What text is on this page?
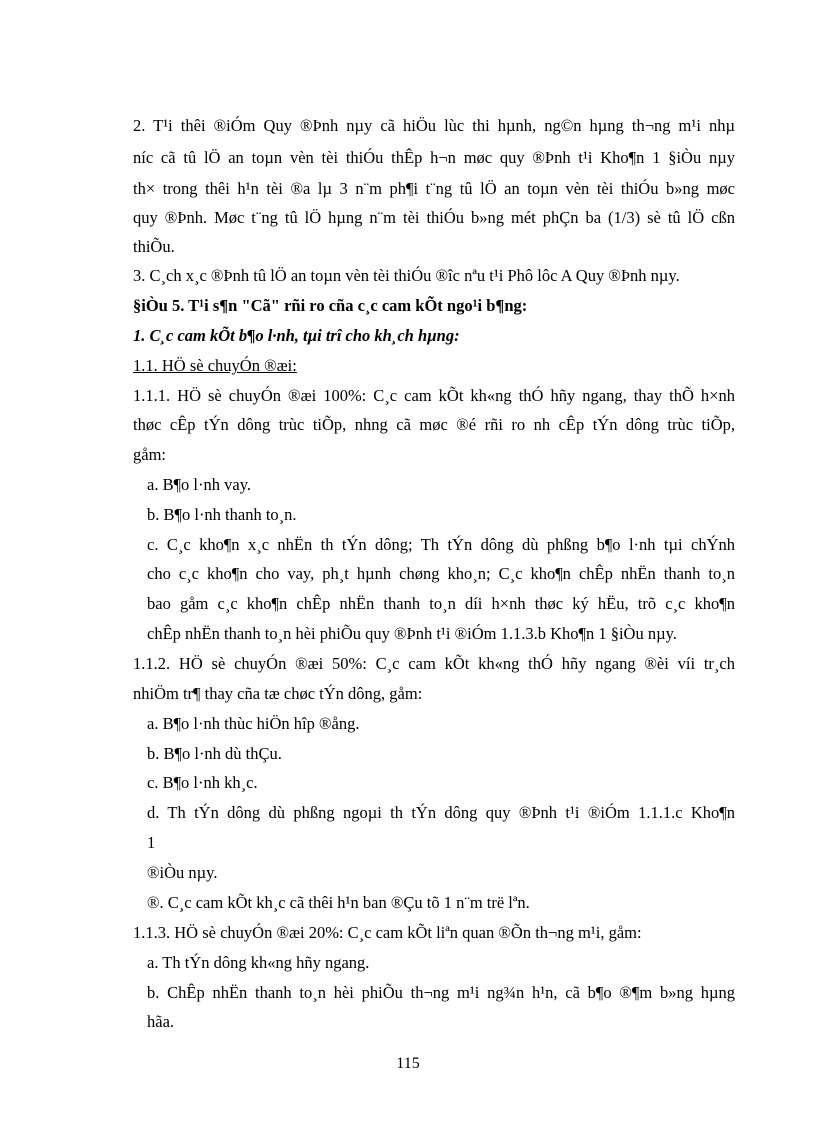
2. T¹i thêi ®iÓm Quy ®Þnh nµy cã hiÖu lùc thi hµnh, ng©n hµng th¬ng m¹i nhµ
níc cã tû lÖ an toµn vèn tèi thiÓu thÊp h¬n møc quy ®Þnh t¹i Kho¶n 1 §iÒu nµy
th× trong thêi h¹n tèi ®a lµ 3 n¨m ph¶i t¨ng tû lÖ an toµn vèn tèi thiÓu b»ng møc
quy ®Þnh. Møc t¨ng tû lÖ hµng n¨m tèi thiÓu b»ng mét phÇn ba (1/3) sè tû lÖ cßn
thiÕu.
3. C¸ch x¸c ®Þnh tû lÖ an toµn vèn tèi thiÓu ®îc nªu t¹i Phô lôc A Quy ®Þnh nµy.
§iÒu 5. T¹i s¶n "Cã" rñi ro cña c¸c cam kÕt ngo¹i b¶ng:
1. C¸c cam kÕt b¶o l·nh, tµi trî cho kh¸ch hµng:
1.1. HÖ sè chuyÓn ®æi:
1.1.1. HÖ sè chuyÓn ®æi 100%: C¸c cam kÕt kh«ng thÓ hñy ngang, thay thÕ h×nh
thøc cÊp tÝn dông trùc tiÕp, nhng cã møc ®é rñi ro nh cÊp tÝn dông trùc tiÕp,
gåm:
a. B¶o l·nh vay.
b. B¶o l·nh thanh to¸n.
c. C¸c kho¶n x¸c nhËn th tÝn dông; Th tÝn dông dù phßng b¶o l·nh tµi chÝnh
cho c¸c kho¶n cho vay, ph¸t hµnh chøng kho¸n; C¸c kho¶n chÊp nhËn thanh to¸n
bao gåm c¸c kho¶n chÊp nhËn thanh to¸n díi h×nh thøc ký hËu, trõ c¸c kho¶n
chÊp nhËn thanh to¸n hèi phiÕu quy ®Þnh t¹i ®iÓm 1.1.3.b Kho¶n 1 §iÒu nµy.
1.1.2. HÖ sè chuyÓn ®æi 50%: C¸c cam kÕt kh«ng thÓ hñy ngang ®èi víi tr¸ch
nhiÖm tr¶ thay cña tæ chøc tÝn dông, gåm:
a. B¶o l·nh thùc hiÖn hîp ®ång.
b. B¶o l·nh dù thÇu.
c. B¶o l·nh kh¸c.
d. Th tÝn dông dù phßng ngoµi th tÝn dông quy ®Þnh t¹i ®iÓm 1.1.1.c Kho¶n
1
®iÒu nµy.
®. C¸c cam kÕt kh¸c cã thêi h¹n ban ®Çu tõ 1 n¨m trë lªn.
1.1.3. HÖ sè chuyÓn ®æi 20%: C¸c cam kÕt liªn quan ®Õn th¬ng m¹i, gåm:
a. Th tÝn dông kh«ng hñy ngang.
b. ChÊp nhËn thanh to¸n hèi phiÕu th¬ng m¹i ng¾n h¹n, cã b¶o ®¶m b»ng hµng
hãa.
115
